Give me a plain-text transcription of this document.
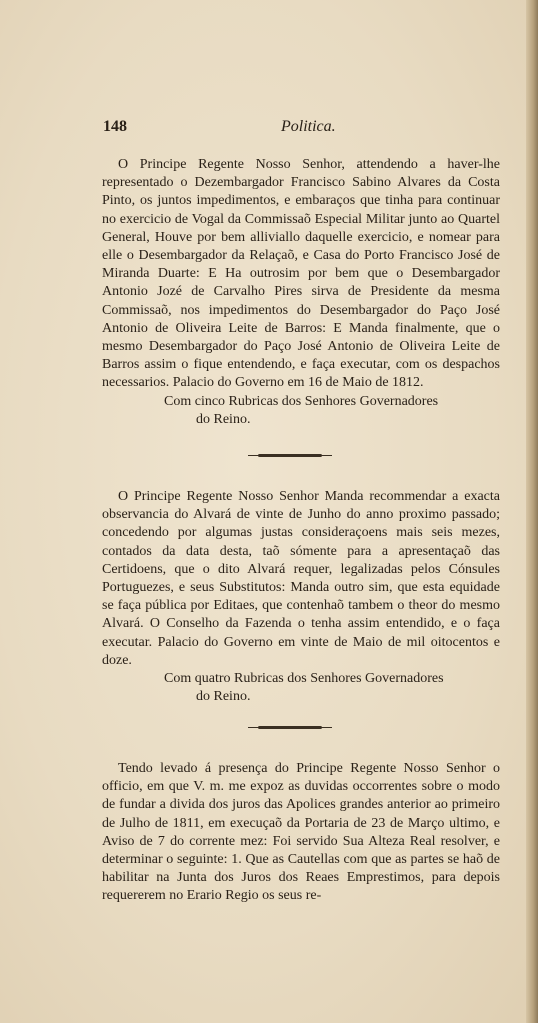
148	Politica.

O Principe Regente Nosso Senhor, attendendo a haver-lhe representado o Dezembargador Francisco Sabino Alvares da Costa Pinto, os juntos impedimentos, e embaraços que tinha para continuar no exercicio de Vogal da Commissaõ Especial Militar junto ao Quartel General, Houve por bem alliviallo daquelle exercicio, e nomear para elle o Desembargador da Relaçaõ, e Casa do Porto Francisco José de Miranda Duarte: E Ha outrosim por bem que o Desembargador Antonio Jozé de Carvalho Pires sirva de Presidente da mesma Commissaõ, nos impedimentos do Desembargador do Paço José Antonio de Oliveira Leite de Barros: E Manda finalmente, que o mesmo Desembargador do Paço José Antonio de Oliveira Leite de Barros assim o fique entendendo, e faça executar, com os despachos necessarios. Palacio do Governo em 16 de Maio de 1812.

Com cinco Rubricas dos Senhores Governadores
do Reino.

O Principe Regente Nosso Senhor Manda recommendar a exacta observancia do Alvará de vinte de Junho do anno proximo passado; concedendo por algumas justas consideraçoens mais seis mezes, contados da data desta, taõ sómente para a apresentaçaõ das Certidoens, que o dito Alvará requer, legalizadas pelos Cónsules Portuguezes, e seus Substitutos: Manda outro sim, que esta equidade se faça pública por Editaes, que contenhaõ tambem o theor do mesmo Alvará. O Conselho da Fazenda o tenha assim entendido, e o faça executar. Palacio do Governo em vinte de Maio de mil oitocentos e doze.

Com quatro Rubricas dos Senhores Governadores
do Reino.

Tendo levado á presença do Principe Regente Nosso Senhor o officio, em que V. m. me expoz as duvidas occorrentes sobre o modo de fundar a divida dos juros das Apolices grandes anterior ao primeiro de Julho de 1811, em execuçaõ da Portaria de 23 de Março ultimo, e Aviso de 7 do corrente mez: Foi servido Sua Alteza Real resolver, e determinar o seguinte: 1. Que as Cautellas com que as partes se haõ de habilitar na Junta dos Juros dos Reaes Emprestimos, para depois requererem no Erario Regio os seus re-
